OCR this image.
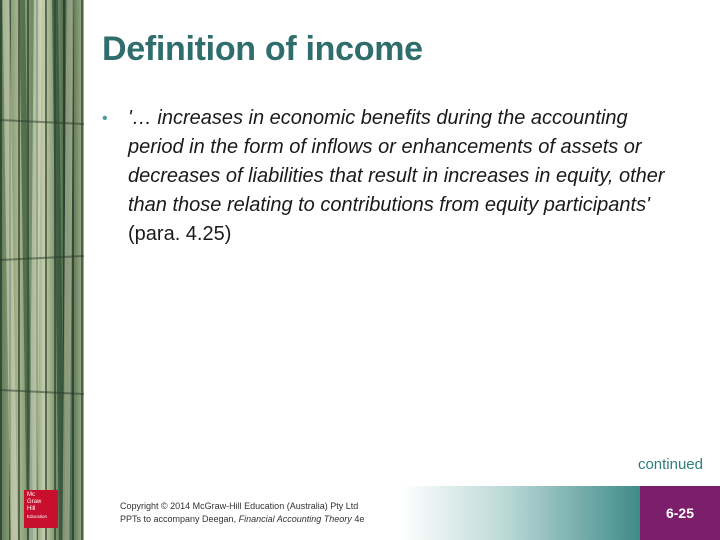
Mc
Graw
Hill
Education
Definition of income
• '… increases in economic benefits during the accounting period in the form of inflows or enhancements of assets or decreases of liabilities that result in increases in equity, other than those relating to contributions from equity participants' (para. 4.25)
continued
Copyright © 2014 McGraw-Hill Education (Australia) Pty Ltd
PPTs to accompany Deegan, Financial Accounting Theory 4e	6-25
